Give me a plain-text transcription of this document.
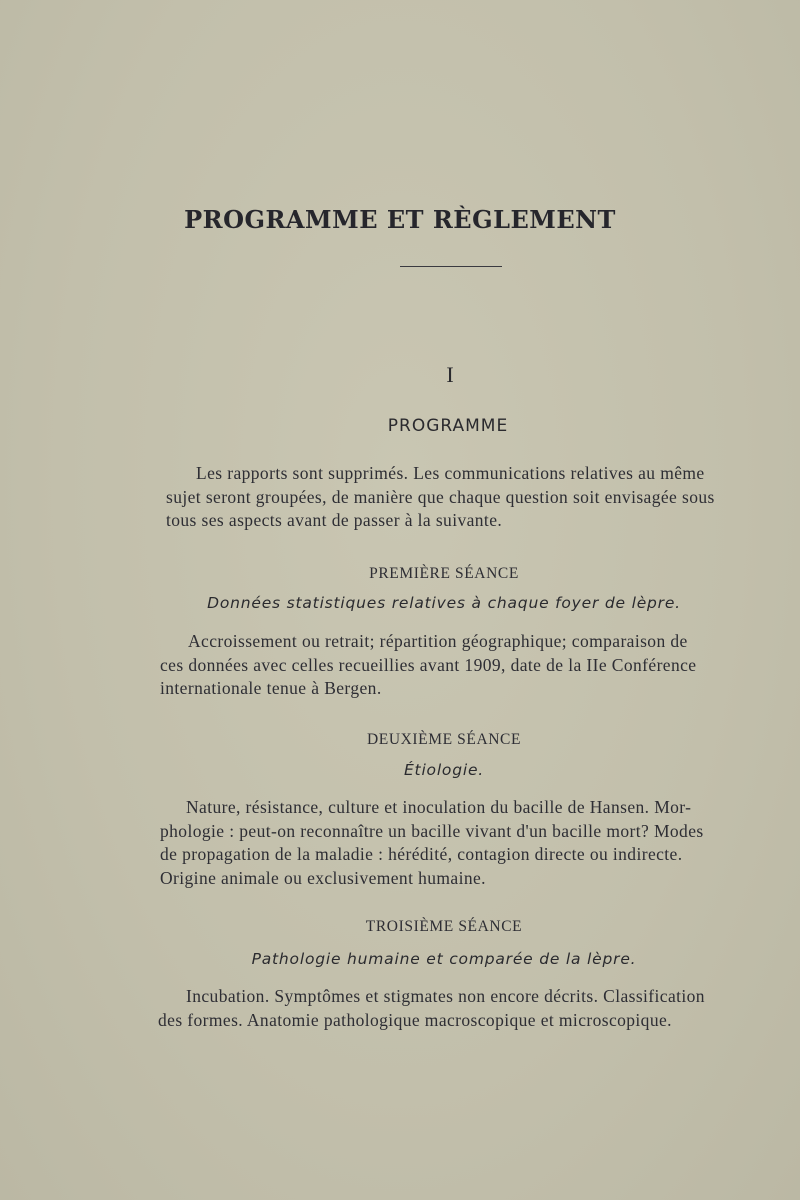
PROGRAMME ET RÈGLEMENT
I
PROGRAMME
Les rapports sont supprimés. Les communications relatives au même
sujet seront groupées, de manière que chaque question soit envisagée sous
tous ses aspects avant de passer à la suivante.
PREMIÈRE SÉANCE
Données statistiques relatives à chaque foyer de lèpre.
Accroissement ou retrait; répartition géographique; comparaison de
ces données avec celles recueillies avant 1909, date de la IIe Conférence
internationale tenue à Bergen.
DEUXIÈME SÉANCE
Étiologie.
Nature, résistance, culture et inoculation du bacille de Hansen. Mor-
phologie : peut-on reconnaître un bacille vivant d'un bacille mort? Modes
de propagation de la maladie : hérédité, contagion directe ou indirecte.
Origine animale ou exclusivement humaine.
TROISIÈME SÉANCE
Pathologie humaine et comparée de la lèpre.
Incubation. Symptômes et stigmates non encore décrits. Classification
des formes. Anatomie pathologique macroscopique et microscopique.
